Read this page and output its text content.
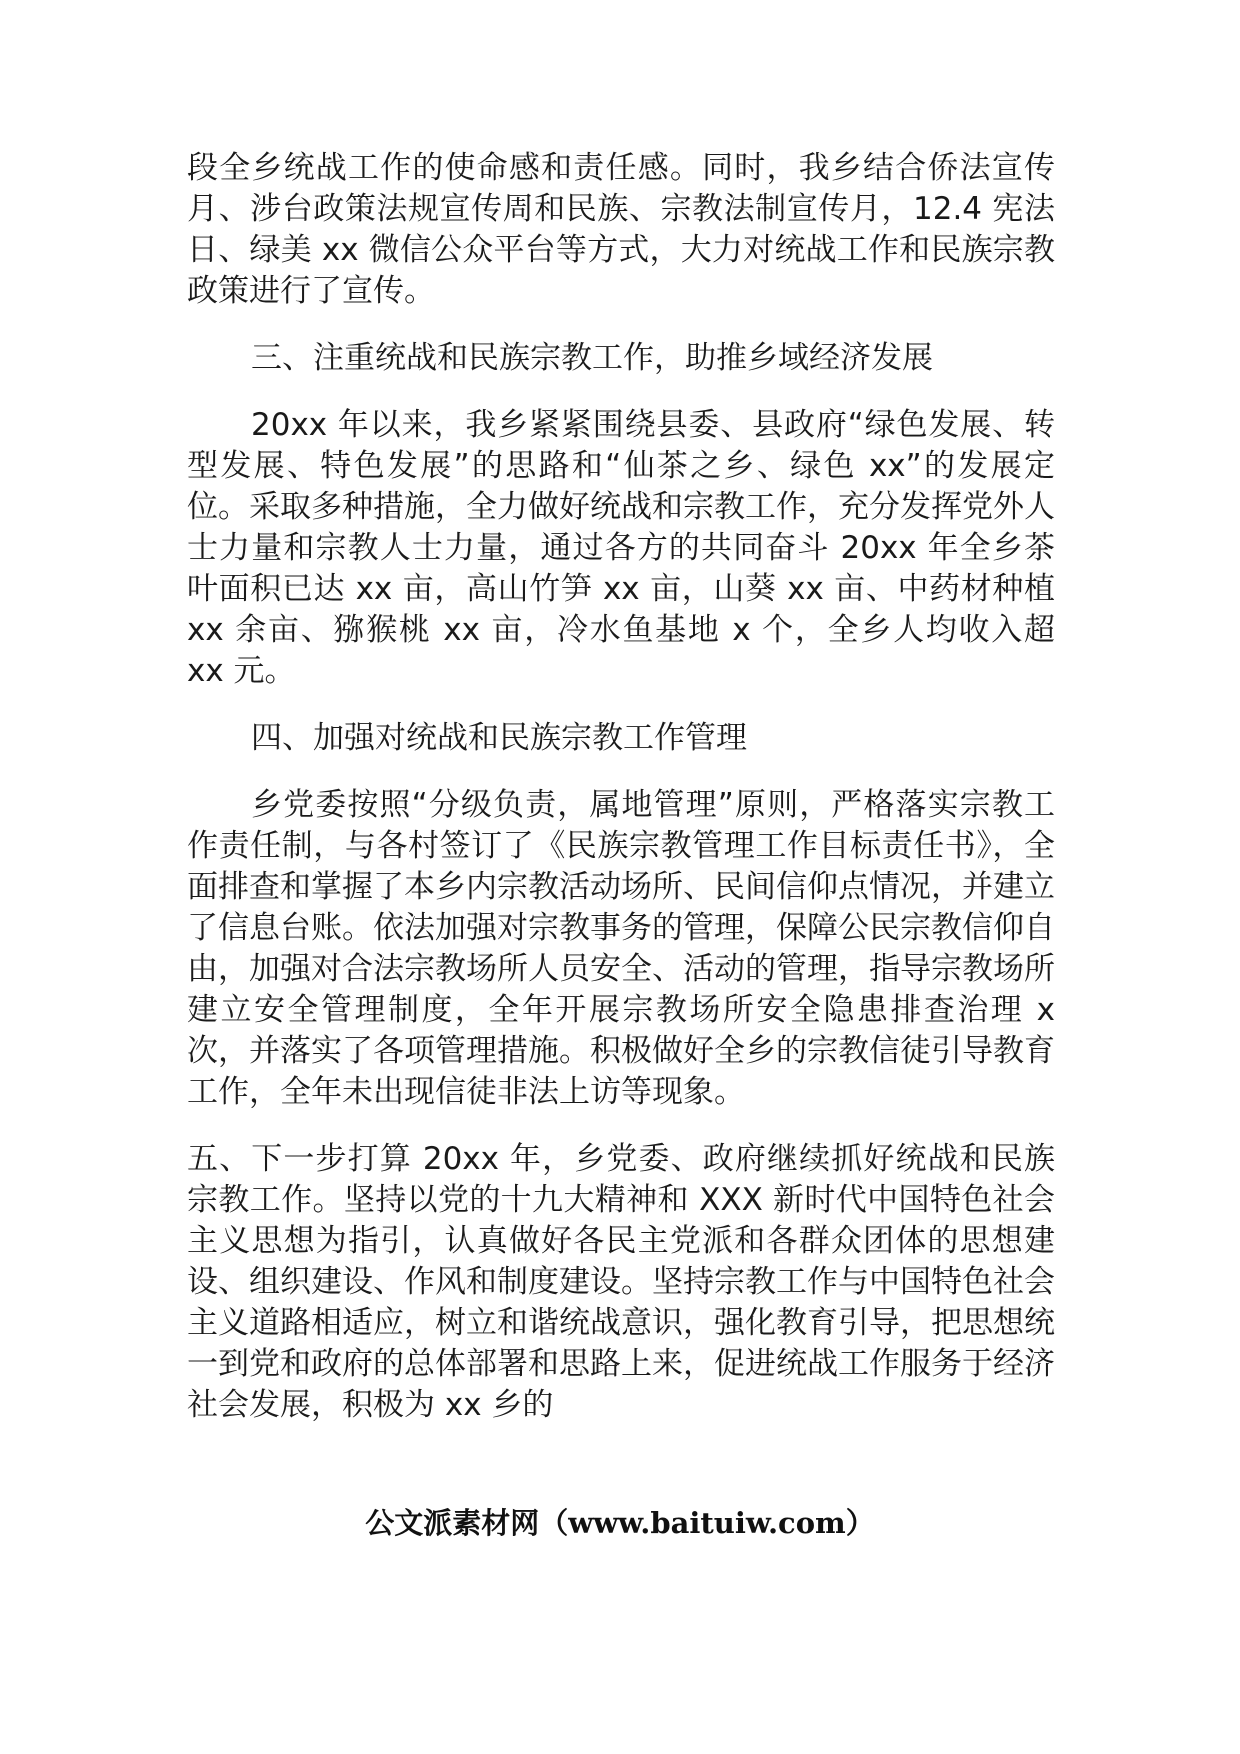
段全乡统战工作的使命感和责任感。同时，我乡结合侨法宣传月、涉台政策法规宣传周和民族、宗教法制宣传月，12.4 宪法日、绿美 xx 微信公众平台等方式，大力对统战工作和民族宗教政策进行了宣传。

三、注重统战和民族宗教工作，助推乡域经济发展

20xx 年以来，我乡紧紧围绕县委、县政府“绿色发展、转型发展、特色发展”的思路和“仙茶之乡、绿色 xx”的发展定位。采取多种措施，全力做好统战和宗教工作，充分发挥党外人士力量和宗教人士力量，通过各方的共同奋斗 20xx 年全乡茶叶面积已达 xx 亩，高山竹笋 xx 亩，山葵 xx 亩、中药材种植 xx 余亩、猕猴桃 xx 亩，冷水鱼基地 x 个，全乡人均收入超 xx 元。

四、加强对统战和民族宗教工作管理

乡党委按照“分级负责，属地管理”原则，严格落实宗教工作责任制，与各村签订了《民族宗教管理工作目标责任书》，全面排查和掌握了本乡内宗教活动场所、民间信仰点情况，并建立了信息台账。依法加强对宗教事务的管理，保障公民宗教信仰自由，加强对合法宗教场所人员安全、活动的管理，指导宗教场所建立安全管理制度，全年开展宗教场所安全隐患排查治理 x 次，并落实了各项管理措施。积极做好全乡的宗教信徒引导教育工作，全年未出现信徒非法上访等现象。

五、下一步打算 20xx 年，乡党委、政府继续抓好统战和民族宗教工作。坚持以党的十九大精神和 XXX 新时代中国特色社会主义思想为指引，认真做好各民主党派和各群众团体的思想建设、组织建设、作风和制度建设。坚持宗教工作与中国特色社会主义道路相适应，树立和谐统战意识，强化教育引导，把思想统一到党和政府的总体部署和思路上来，促进统战工作服务于经济社会发展，积极为 xx 乡的

公文派素材网（www.baituiw.com）
